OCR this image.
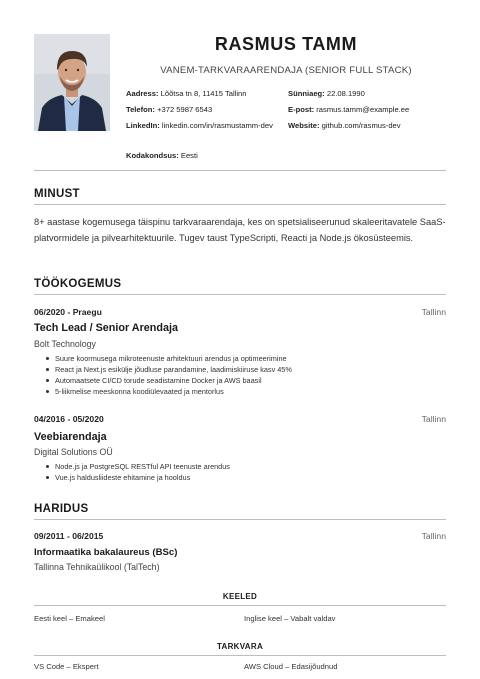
RASMUS TAMM
VANEM-TARKVARAARENDAJA (SENIOR FULL STACK)
Aadress: Lõõtsa tn 8, 11415 Tallinn	Sünniaeg: 22.08.1990
Telefon: +372 5987 6543	E-post: rasmus.tamm@example.ee
LinkedIn: linkedin.com/in/rasmustamm-dev	Website: github.com/rasmus-dev
Kodakondsus: Eesti
MINUST
8+ aastase kogemusega täispinu tarkvaraarendaja, kes on spetsialiseerunud skaleeritavatele SaaS-platvormidele ja pilvearhitektuurile. Tugev taust TypeScripti, Reacti ja Node.js ökosüsteemis.
TÖÖKOGEMUS
06/2020 - Praegu	Tallinn
Tech Lead / Senior Arendaja
Bolt Technology
Suure koormusega mikroteenuste arhitektuuri arendus ja optimeerimine
React ja Next.js esikülje jõudluse parandamine, laadimiskiiruse kasv 45%
Automaatsete CI/CD torude seadistamine Docker ja AWS baasil
5-liikmelise meeskonna koodiülevaated ja mentorlus
04/2016 - 05/2020	Tallinn
Veebiarendaja
Digital Solutions OÜ
Node.js ja PostgreSQL RESTful API teenuste arendus
Vue.js haldusliideste ehitamine ja hooldus
HARIDUS
09/2011 - 06/2015	Tallinn
Informaatika bakalaureus (BSc)
Tallinna Tehnikaülikool (TalTech)
KEELED
Eesti keel – Emakeel	Inglise keel – Vabalt valdav
TARKVARA
VS Code – Ekspert	AWS Cloud – Edasijõudnud
